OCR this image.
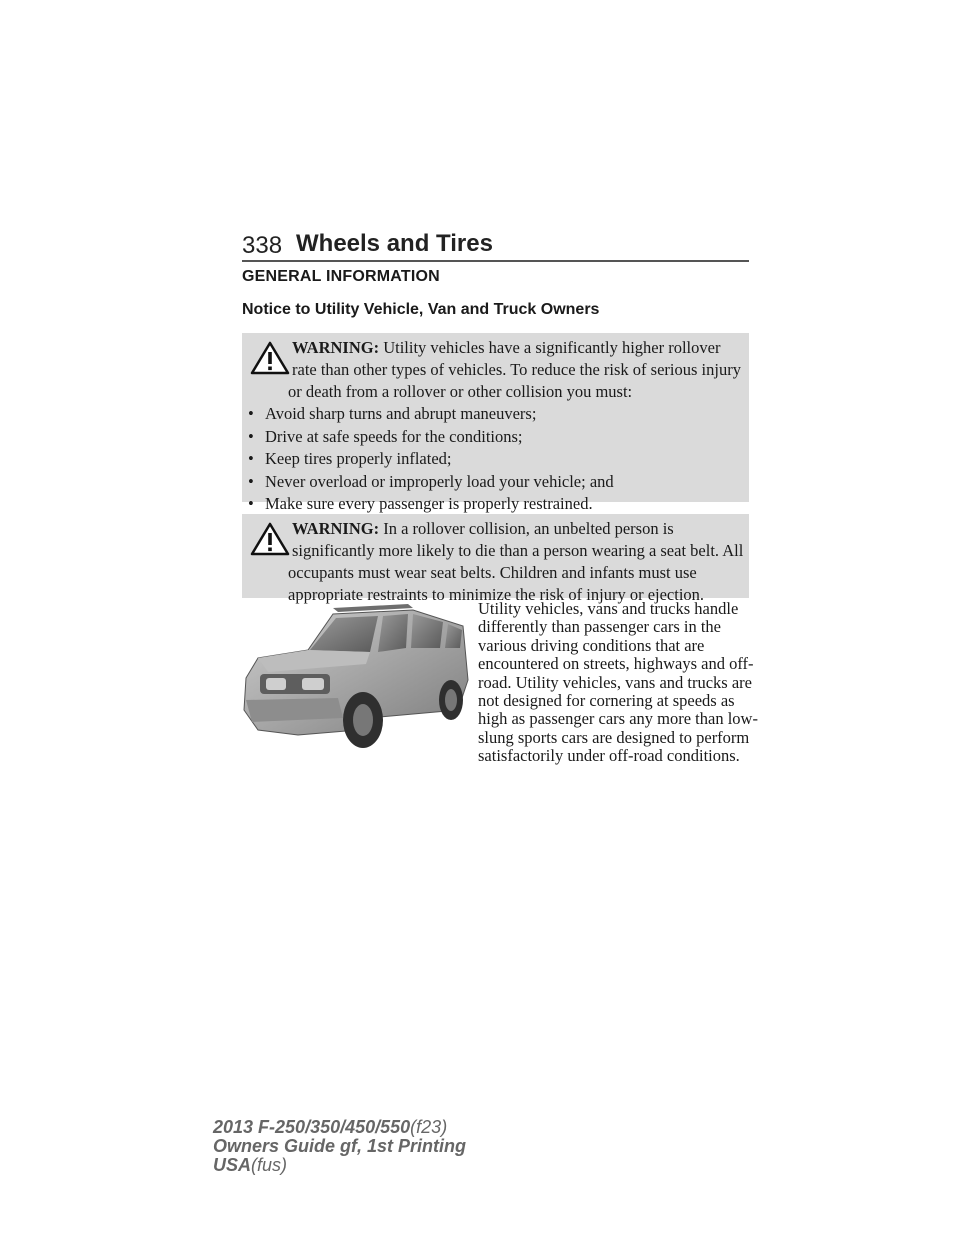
338 Wheels and Tires
GENERAL INFORMATION
Notice to Utility Vehicle, Van and Truck Owners
WARNING: Utility vehicles have a significantly higher rollover rate than other types of vehicles. To reduce the risk of serious injury or death from a rollover or other collision you must:
• Avoid sharp turns and abrupt maneuvers;
• Drive at safe speeds for the conditions;
• Keep tires properly inflated;
• Never overload or improperly load your vehicle; and
• Make sure every passenger is properly restrained.
WARNING: In a rollover collision, an unbelted person is significantly more likely to die than a person wearing a seat belt. All occupants must wear seat belts. Children and infants must use appropriate restraints to minimize the risk of injury or ejection.
Utility vehicles, vans and trucks handle differently than passenger cars in the various driving conditions that are encountered on streets, highways and off-road. Utility vehicles, vans and trucks are not designed for cornering at speeds as high as passenger cars any more than low-slung sports cars are designed to perform satisfactorily under off-road conditions.
2013 F-250/350/450/550(f23)
Owners Guide gf, 1st Printing
USA(fus)
